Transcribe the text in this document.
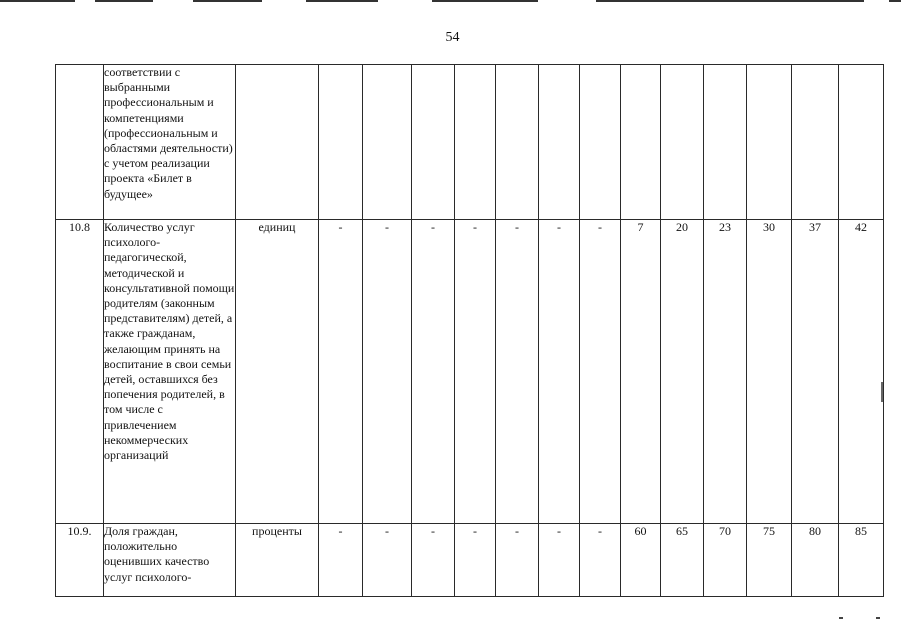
54
	соответствии с выбранными профессиональным и компетенциями (профессиональным и областями деятельности) с учетом реализации проекта «Билет в будущее»														
10.8	Количество услуг психолого-педагогической, методической и консультативной помощи родителям (законным представителям) детей, а также гражданам, желающим принять на воспитание в свои семьи детей, оставшихся без попечения родителей, в том числе с привлечением некоммерческих организаций	единиц	-	-	-	-	-	-	-	7	20	23	30	37	42
10.9.	Доля граждан, положительно оценивших качество услуг психолого-	проценты	-	-	-	-	-	-	-	60	65	70	75	80	85
